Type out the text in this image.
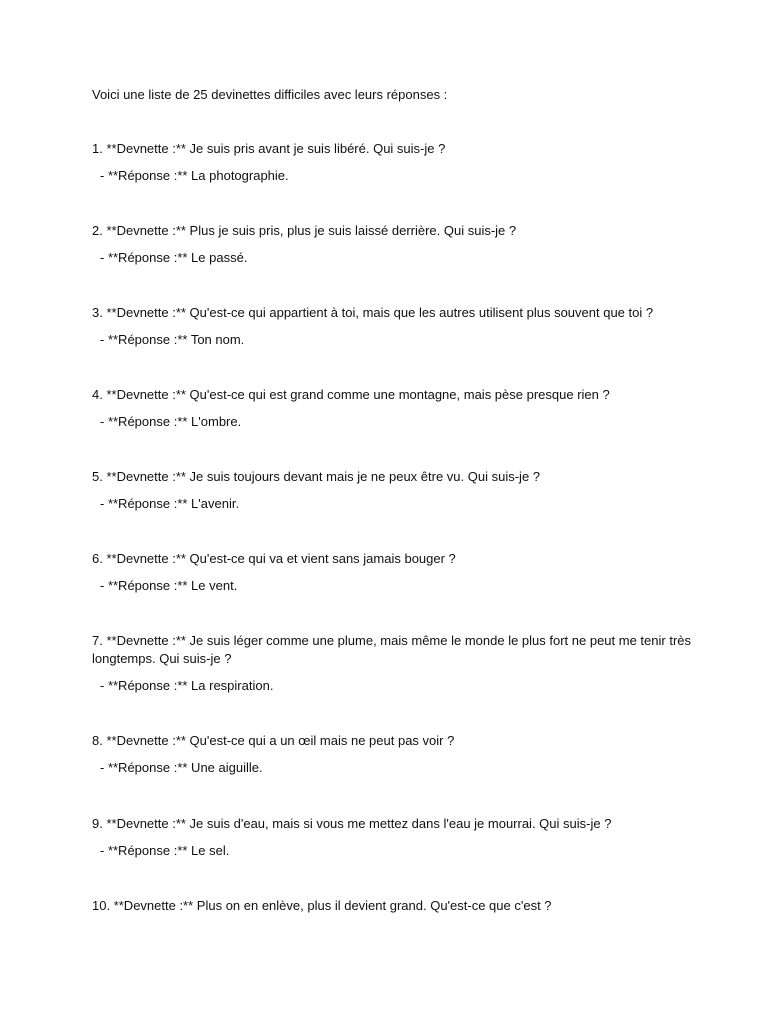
Voici une liste de 25 devinettes difficiles avec leurs réponses :
1. **Devnette :** Je suis pris avant je suis libéré. Qui suis-je ?
- **Réponse :** La photographie.
2. **Devnette :** Plus je suis pris, plus je suis laissé derrière. Qui suis-je ?
- **Réponse :** Le passé.
3. **Devnette :** Qu'est-ce qui appartient à toi, mais que les autres utilisent plus souvent que toi ?
- **Réponse :** Ton nom.
4. **Devnette :** Qu'est-ce qui est grand comme une montagne, mais pèse presque rien ?
- **Réponse :** L'ombre.
5. **Devnette :** Je suis toujours devant mais je ne peux être vu. Qui suis-je ?
- **Réponse :** L'avenir.
6. **Devnette :** Qu'est-ce qui va et vient sans jamais bouger ?
- **Réponse :** Le vent.
7. **Devnette :** Je suis léger comme une plume, mais même le monde le plus fort ne peut me tenir très longtemps. Qui suis-je ?
- **Réponse :** La respiration.
8. **Devnette :** Qu'est-ce qui a un œil mais ne peut pas voir ?
- **Réponse :** Une aiguille.
9. **Devnette :** Je suis d'eau, mais si vous me mettez dans l'eau je mourrai. Qui suis-je ?
- **Réponse :** Le sel.
10. **Devnette :** Plus on en enlève, plus il devient grand. Qu'est-ce que c'est ?
